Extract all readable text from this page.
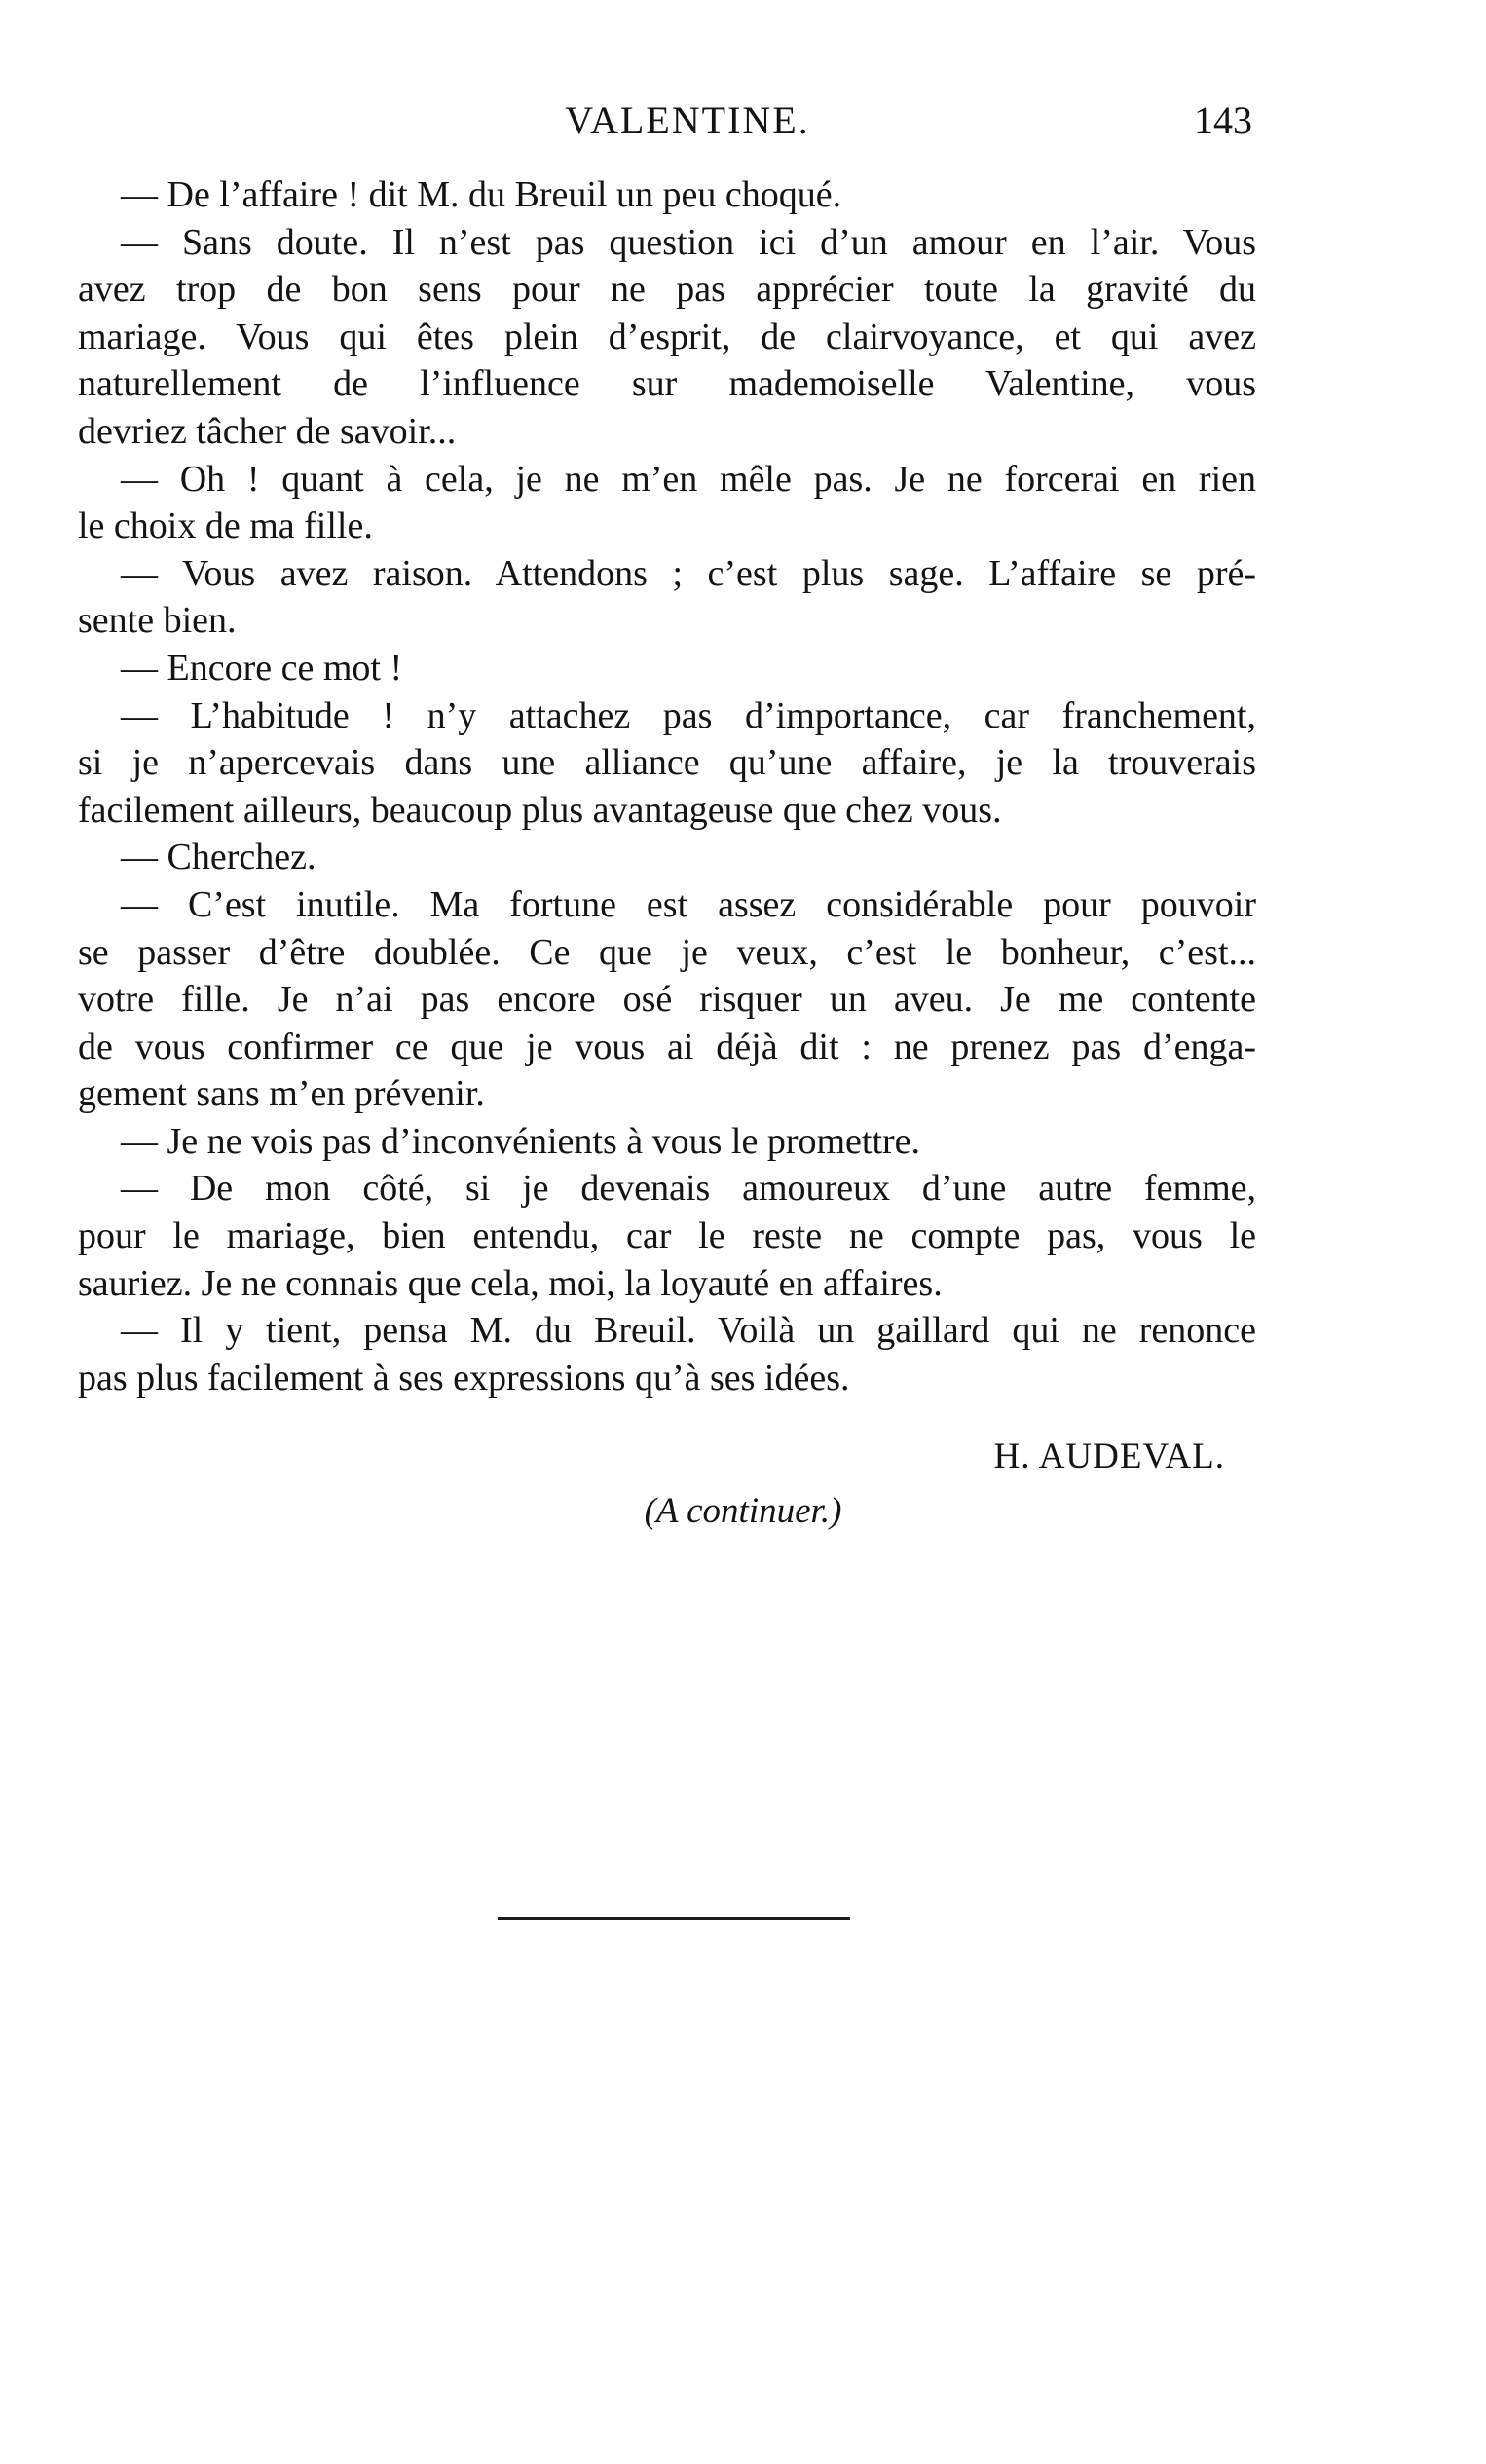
VALENTINE.	143
— De l’affaire ! dit M. du Breuil un peu choqué.
— Sans doute. Il n’est pas question ici d’un amour en l’air. Vous
avez trop de bon sens pour ne pas apprécier toute la gravité du
mariage. Vous qui êtes plein d’esprit, de clairvoyance, et qui avez
naturellement de l’influence sur mademoiselle Valentine, vous
devriez tâcher de savoir...
— Oh ! quant à cela, je ne m’en mêle pas. Je ne forcerai en rien
le choix de ma fille.
— Vous avez raison. Attendons ; c’est plus sage. L’affaire se pré-
sente bien.
— Encore ce mot !
— L’habitude ! n’y attachez pas d’importance, car franchement,
si je n’apercevais dans une alliance qu’une affaire, je la trouverais
facilement ailleurs, beaucoup plus avantageuse que chez vous.
— Cherchez.
— C’est inutile. Ma fortune est assez considérable pour pouvoir
se passer d’être doublée. Ce que je veux, c’est le bonheur, c’est...
votre fille. Je n’ai pas encore osé risquer un aveu. Je me contente
de vous confirmer ce que je vous ai déjà dit : ne prenez pas d’enga-
gement sans m’en prévenir.
— Je ne vois pas d’inconvénients à vous le promettre.
— De mon côté, si je devenais amoureux d’une autre femme,
pour le mariage, bien entendu, car le reste ne compte pas, vous le
sauriez. Je ne connais que cela, moi, la loyauté en affaires.
— Il y tient, pensa M. du Breuil. Voilà un gaillard qui ne renonce
pas plus facilement à ses expressions qu’à ses idées.
H. AUDEVAL.
(A continuer.)
